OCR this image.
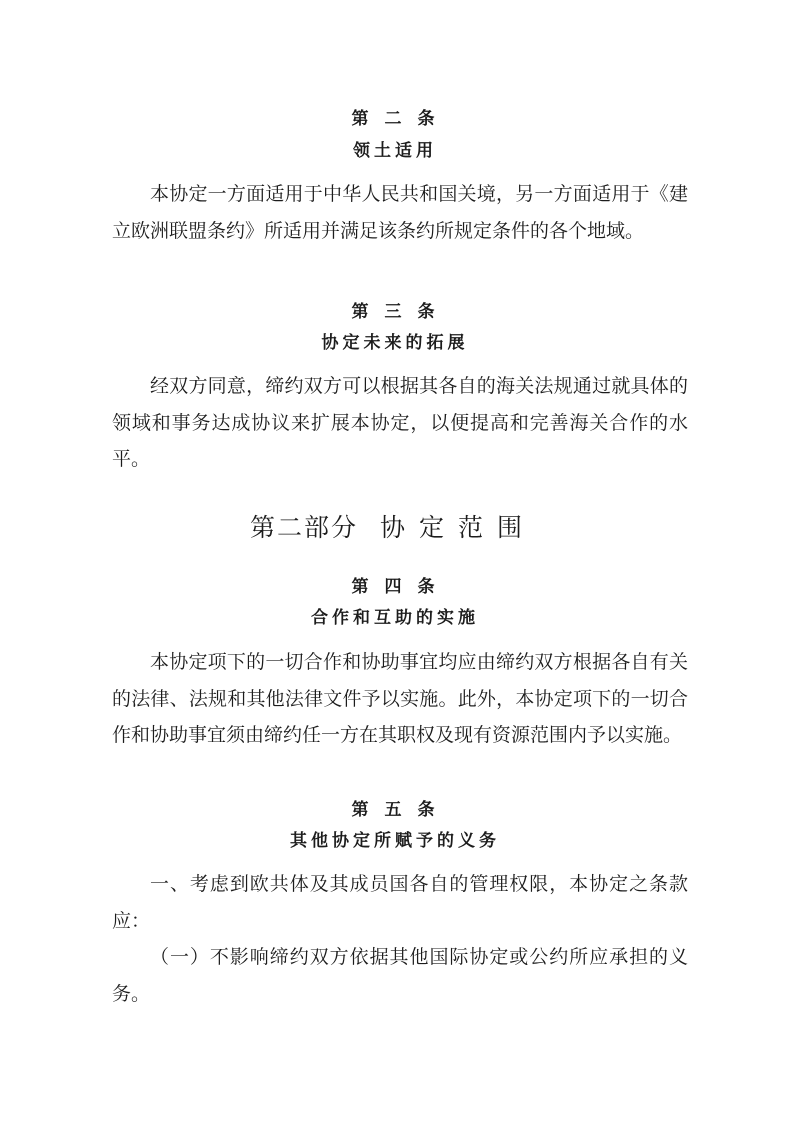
第二条
领土适用

本协定一方面适用于中华人民共和国关境，另一方面适用于《建立欧洲联盟条约》所适用并满足该条约所规定条件的各个地域。

第三条
协定未来的拓展

经双方同意，缔约双方可以根据其各自的海关法规通过就具体的领域和事务达成协议来扩展本协定，以便提高和完善海关合作的水平。

第二部分 协定范围
第四条
合作和互助的实施

本协定项下的一切合作和协助事宜均应由缔约双方根据各自有关的法律、法规和其他法律文件予以实施。此外，本协定项下的一切合作和协助事宜须由缔约任一方在其职权及现有资源范围内予以实施。

第五条
其他协定所赋予的义务

一、考虑到欧共体及其成员国各自的管理权限，本协定之条款应：

（一）不影响缔约双方依据其他国际协定或公约所应承担的义务。
